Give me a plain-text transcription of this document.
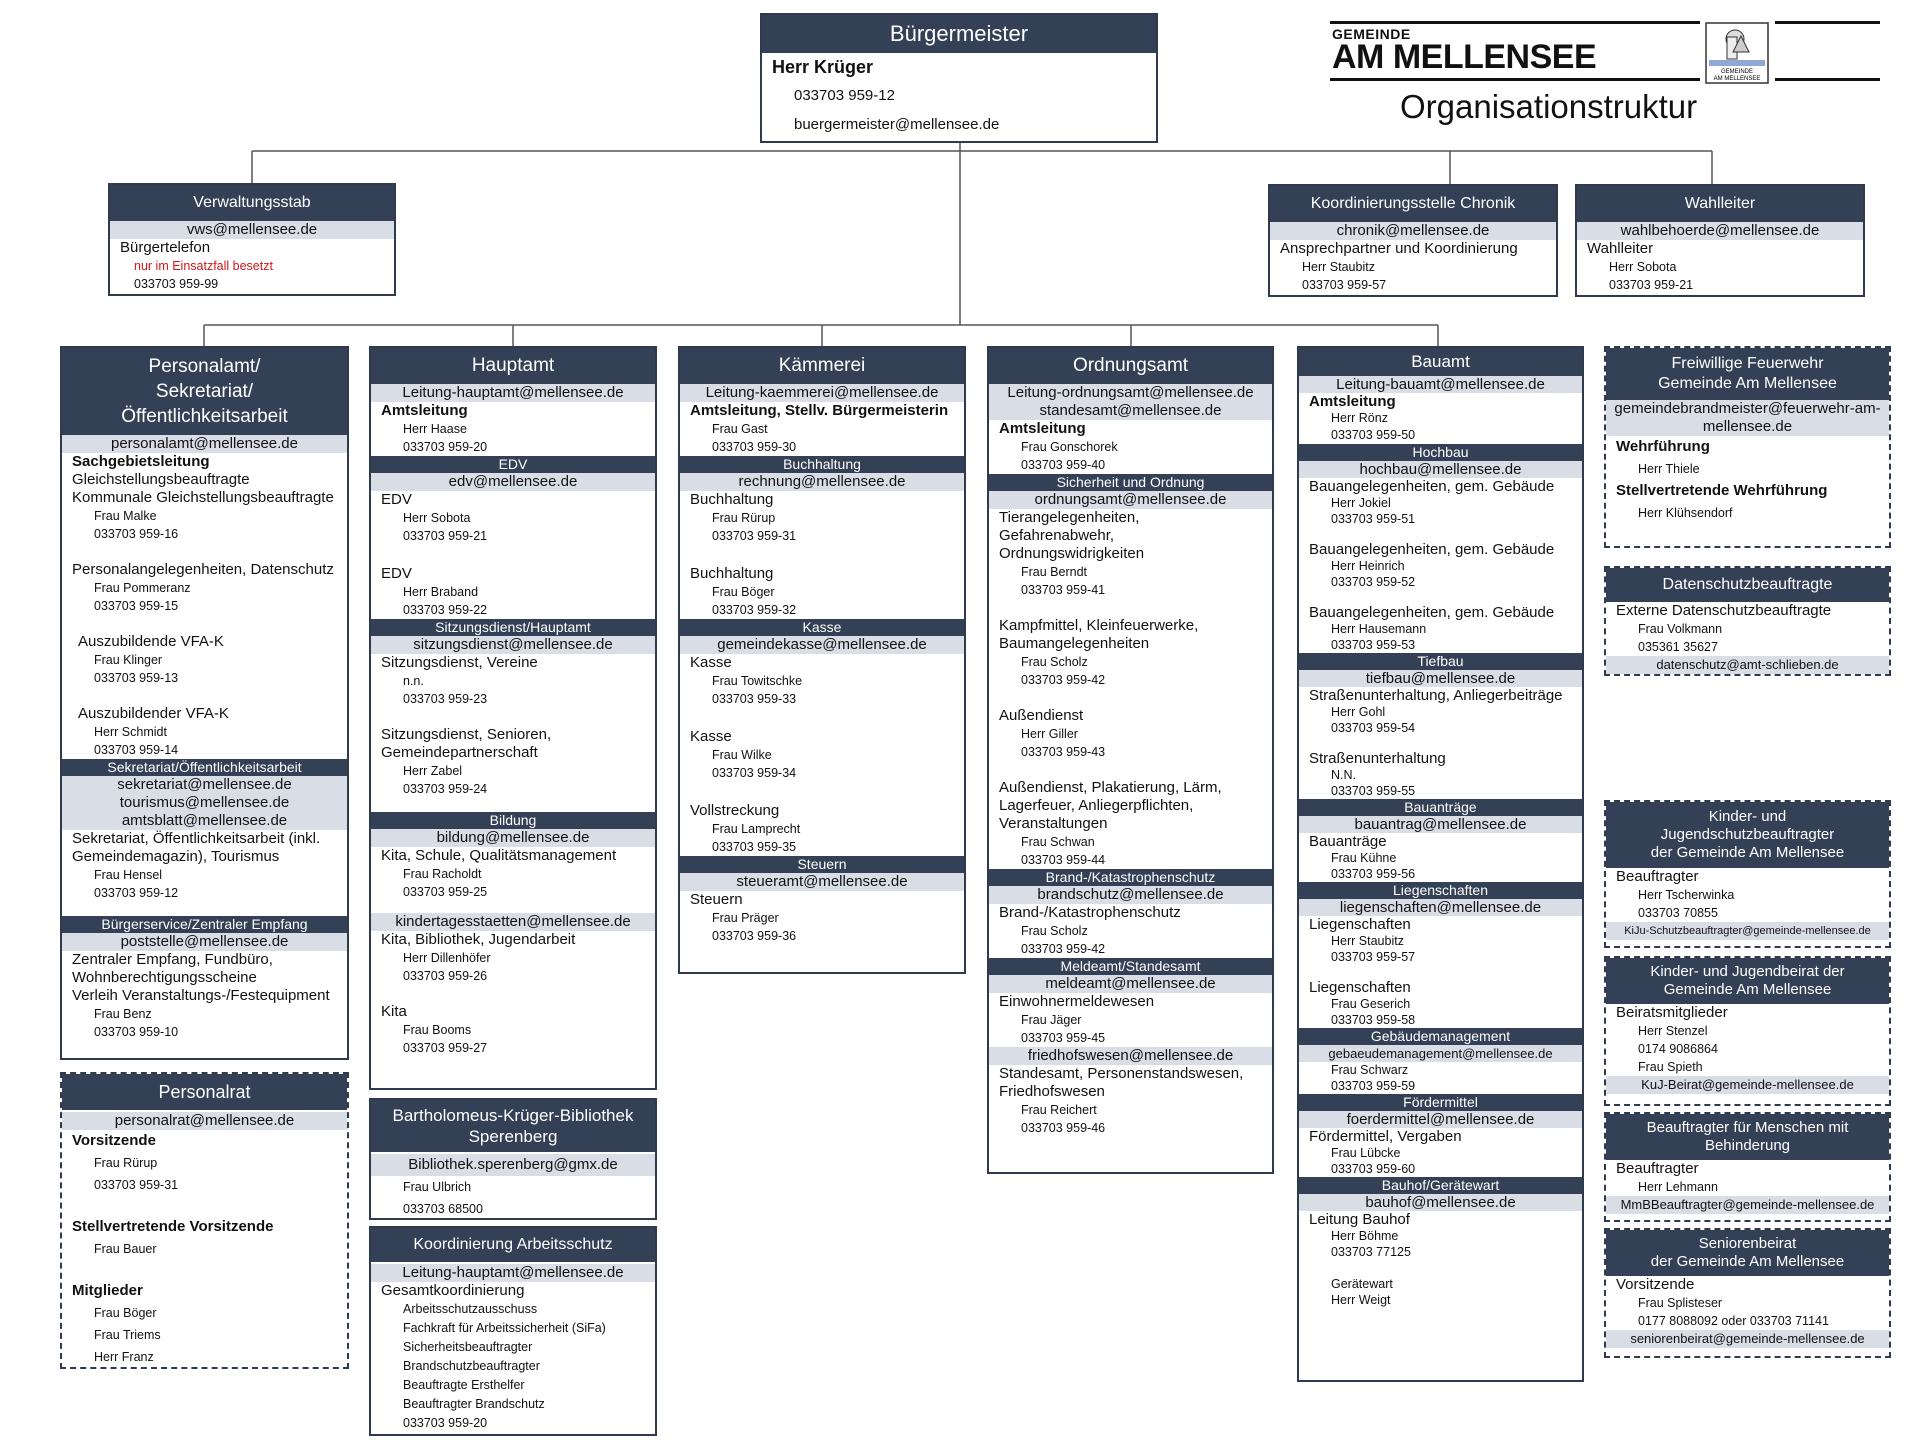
GEMEINDE
AM MELLENSEE	GEMEINDE
AM MELLENSEE
Organisationstruktur
Bürgermeister
Herr Krüger
033703 959-12
buergermeister@mellensee.de
Verwaltungsstab
vws@mellensee.de
Bürgertelefon
nur im Einsatzfall besetzt
033703 959-99
Koordinierungsstelle Chronik
chronik@mellensee.de
Ansprechpartner und Koordinierung
Herr Staubitz
033703 959-57
Wahlleiter
wahlbehoerde@mellensee.de
Wahlleiter
Herr Sobota
033703 959-21
Personalamt/
Sekretariat/
Öffentlichkeitsarbeit
personalamt@mellensee.de
Sachgebietsleitung
Gleichstellungsbeauftragte
Kommunale Gleichstellungsbeauftragte
Frau Malke
033703 959-16
Personalangelegenheiten, Datenschutz
Frau Pommeranz
033703 959-15
Auszubildende VFA-K
Frau Klinger
033703 959-13
Auszubildender VFA-K
Herr Schmidt
033703 959-14
Sekretariat/Öffentlichkeitsarbeit
sekretariat@mellensee.de
tourismus@mellensee.de
amtsblatt@mellensee.de
Sekretariat, Öffentlichkeitsarbeit (inkl.
Gemeindemagazin), Tourismus
Frau Hensel
033703 959-12
Bürgerservice/Zentraler Empfang
poststelle@mellensee.de
Zentraler Empfang, Fundbüro,
Wohnberechtigungsscheine
Verleih Veranstaltungs-/Festequipment
Frau Benz
033703 959-10
Personalrat
personalrat@mellensee.de
Vorsitzende
Frau Rürup
033703 959-31
Stellvertretende Vorsitzende
Frau Bauer
Mitglieder
Frau Böger
Frau Triems
Herr Franz
Hauptamt
Leitung-hauptamt@mellensee.de
Amtsleitung
Herr Haase
033703 959-20
EDV
edv@mellensee.de
EDV
Herr Sobota
033703 959-21
EDV
Herr Braband
033703 959-22
Sitzungsdienst/Hauptamt
sitzungsdienst@mellensee.de
Sitzungsdienst, Vereine
n.n.
033703 959-23
Sitzungsdienst, Senioren,
Gemeindepartnerschaft
Herr Zabel
033703 959-24
Bildung
bildung@mellensee.de
Kita, Schule, Qualitätsmanagement
Frau Racholdt
033703 959-25
kindertagesstaetten@mellensee.de
Kita, Bibliothek, Jugendarbeit
Herr Dillenhöfer
033703 959-26
Kita
Frau Booms
033703 959-27
Bartholomeus-Krüger-Bibliothek
Sperenberg
Bibliothek.sperenberg@gmx.de
Frau Ulbrich
033703 68500
Koordinierung Arbeitsschutz
Leitung-hauptamt@mellensee.de
Gesamtkoordinierung
Arbeitsschutzausschuss
Fachkraft für Arbeitssicherheit (SiFa)
Sicherheitsbeauftragter
Brandschutzbeauftragter
Beauftragte Ersthelfer
Beauftragter Brandschutz
033703 959-20
Kämmerei
Leitung-kaemmerei@mellensee.de
Amtsleitung, Stellv. Bürgermeisterin
Frau Gast
033703 959-30
Buchhaltung
rechnung@mellensee.de
Buchhaltung
Frau Rürup
033703 959-31
Buchhaltung
Frau Böger
033703 959-32
Kasse
gemeindekasse@mellensee.de
Kasse
Frau Towitschke
033703 959-33
Kasse
Frau Wilke
033703 959-34
Vollstreckung
Frau Lamprecht
033703 959-35
Steuern
steueramt@mellensee.de
Steuern
Frau Präger
033703 959-36
Ordnungsamt
Leitung-ordnungsamt@mellensee.de
standesamt@mellensee.de
Amtsleitung
Frau Gonschorek
033703 959-40
Sicherheit und Ordnung
ordnungsamt@mellensee.de
Tierangelegenheiten,
Gefahrenabwehr,
Ordnungswidrigkeiten
Frau Berndt
033703 959-41
Kampfmittel, Kleinfeuerwerke,
Baumangelegenheiten
Frau Scholz
033703 959-42
Außendienst
Herr Giller
033703 959-43
Außendienst, Plakatierung, Lärm,
Lagerfeuer, Anliegerpflichten,
Veranstaltungen
Frau Schwan
033703 959-44
Brand-/Katastrophenschutz
brandschutz@mellensee.de
Brand-/Katastrophenschutz
Frau Scholz
033703 959-42
Meldeamt/Standesamt
meldeamt@mellensee.de
Einwohnermeldewesen
Frau Jäger
033703 959-45
friedhofswesen@mellensee.de
Standesamt, Personenstandswesen,
Friedhofswesen
Frau Reichert
033703 959-46
Bauamt
Leitung-bauamt@mellensee.de
Amtsleitung
Herr Rönz
033703 959-50
Hochbau
hochbau@mellensee.de
Bauangelegenheiten, gem. Gebäude
Herr Jokiel
033703 959-51
Bauangelegenheiten, gem. Gebäude
Herr Heinrich
033703 959-52
Bauangelegenheiten, gem. Gebäude
Herr Hausemann
033703 959-53
Tiefbau
tiefbau@mellensee.de
Straßenunterhaltung, Anliegerbeiträge
Herr Gohl
033703 959-54
Straßenunterhaltung
N.N.
033703 959-55
Bauanträge
bauantrag@mellensee.de
Bauanträge
Frau Kühne
033703 959-56
Liegenschaften
liegenschaften@mellensee.de
Liegenschaften
Herr Staubitz
033703 959-57
Liegenschaften
Frau Geserich
033703 959-58
Gebäudemanagement
gebaeudemanagement@mellensee.de
Frau Schwarz
033703 959-59
Fördermittel
foerdermittel@mellensee.de
Fördermittel, Vergaben
Frau Lübcke
033703 959-60
Bauhof/Gerätewart
bauhof@mellensee.de
Leitung Bauhof
Herr Böhme
033703 77125
Gerätewart
Herr Weigt
Freiwillige Feuerwehr
Gemeinde Am Mellensee
gemeindebrandmeister@feuerwehr-am-
mellensee.de
Wehrführung
Herr Thiele
Stellvertretende Wehrführung
Herr Klühsendorf
Datenschutzbeauftragte
Externe Datenschutzbeauftragte
Frau Volkmann
035361 35627
datenschutz@amt-schlieben.de
Kinder- und
Jugendschutzbeauftragter
der Gemeinde Am Mellensee
Beauftragter
Herr Tscherwinka
033703 70855
KiJu-Schutzbeauftragter@gemeinde-mellensee.de
Kinder- und Jugendbeirat der
Gemeinde Am Mellensee
Beiratsmitglieder
Herr Stenzel
0174 9086864
Frau Spieth
KuJ-Beirat@gemeinde-mellensee.de
Beauftragter für Menschen mit
Behinderung
Beauftragter
Herr Lehmann
MmBBeauftragter@gemeinde-mellensee.de
Seniorenbeirat
der Gemeinde Am Mellensee
Vorsitzende
Frau Splisteser
0177 8088092 oder 033703 71141
seniorenbeirat@gemeinde-mellensee.de
